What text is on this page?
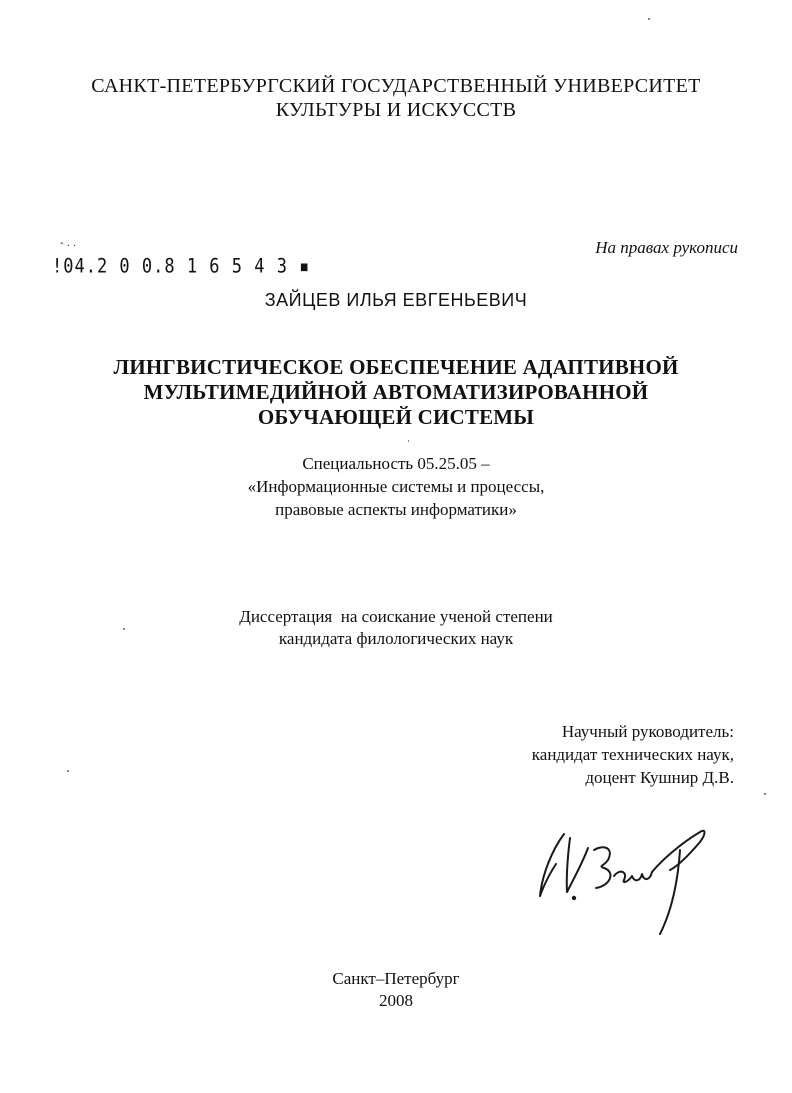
САНКТ-ПЕТЕРБУРГСКИЙ ГОСУДАРСТВЕННЫЙ УНИВЕРСИТЕТ
КУЛЬТУРЫ И ИСКУССТВ
На правах рукописи
- . .
!04.2 0 0.8 1 6 5 4 3 ▪
ЗАЙЦЕВ ИЛЬЯ ЕВГЕНЬЕВИЧ
ЛИНГВИСТИЧЕСКОЕ ОБЕСПЕЧЕНИЕ АДАПТИВНОЙ
МУЛЬТИМЕДИЙНОЙ АВТОМАТИЗИРОВАННОЙ
ОБУЧАЮЩЕЙ СИСТЕМЫ
Специальность 05.25.05 –
«Информационные системы и процессы,
правовые аспекты информатики»
Диссертация  на соискание ученой степени
кандидата филологических наук
Научный руководитель:
кандидат технических наук,
доцент Кушнир Д.В.
Санкт–Петербург
2008
